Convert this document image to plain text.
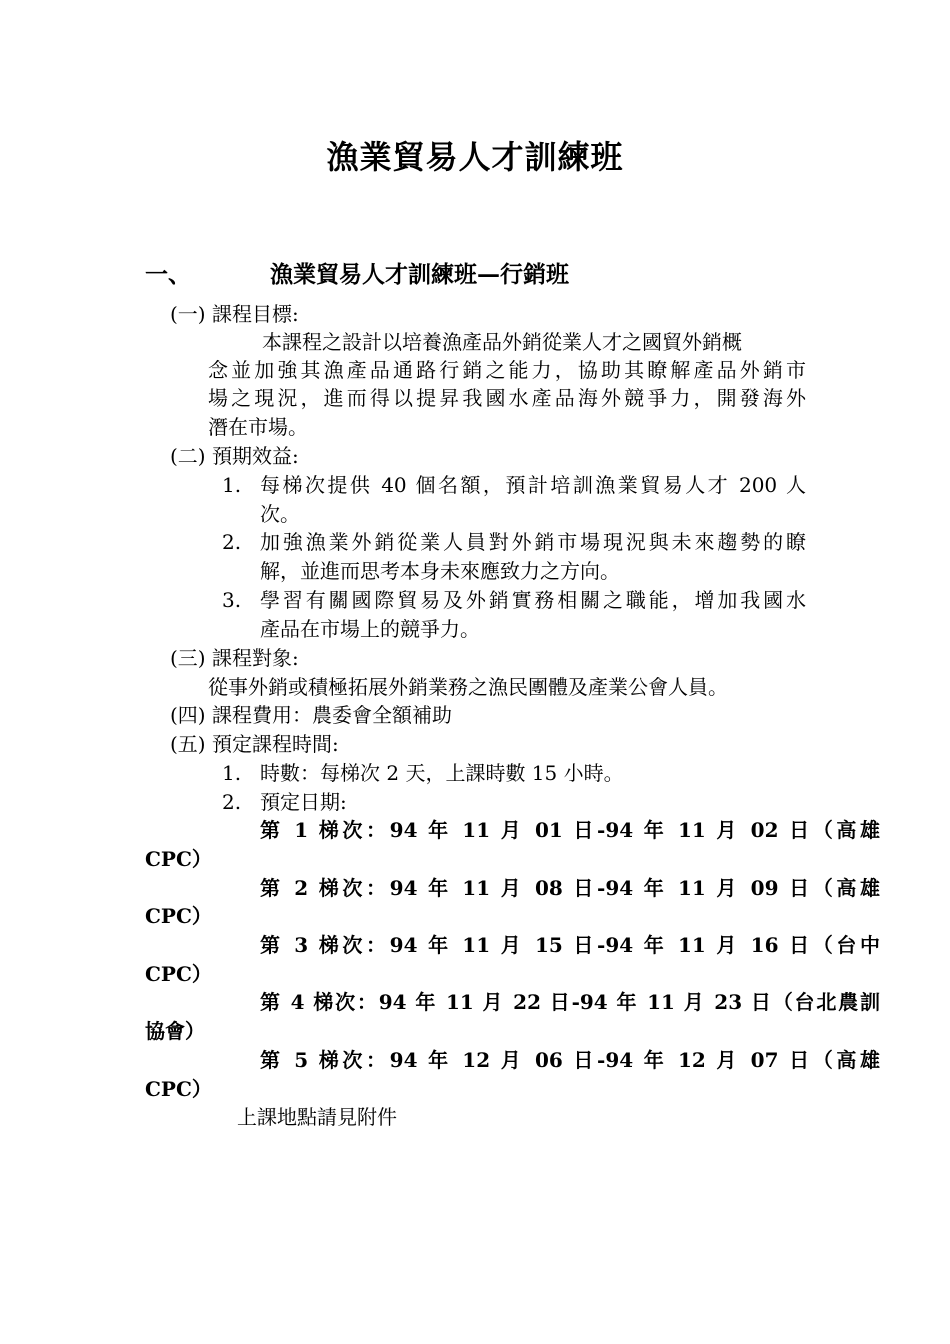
漁業貿易人才訓練班
一、	漁業貿易人才訓練班—行銷班
(一) 課程目標:
本課程之設計以培養漁產品外銷從業人才之國貿外銷概
念並加強其漁產品通路行銷之能力，協助其瞭解產品外銷市
場之現況，進而得以提昇我國水產品海外競爭力，開發海外
潛在市場。
(二) 預期效益:
1. 每梯次提供 40 個名額，預計培訓漁業貿易人才 200 人
次。
2. 加強漁業外銷從業人員對外銷市場現況與未來趨勢的瞭
解，並進而思考本身未來應致力之方向。
3. 學習有關國際貿易及外銷實務相關之職能，增加我國水
產品在市場上的競爭力。
(三) 課程對象:
從事外銷或積極拓展外銷業務之漁民團體及產業公會人員。
(四) 課程費用：農委會全額補助
(五) 預定課程時間:
1. 時數：每梯次 2 天，上課時數 15 小時。
2. 預定日期:
第 1 梯次：94 年 11 月 01 日-94 年 11 月 02 日（高雄
CPC）
第 2 梯次：94 年 11 月 08 日-94 年 11 月 09 日（高雄
CPC）
第 3 梯次：94 年 11 月 15 日-94 年 11 月 16 日（台中
CPC）
第 4 梯次：94 年 11 月 22 日-94 年 11 月 23 日（台北農訓
協會）
第 5 梯次：94 年 12 月 06 日-94 年 12 月 07 日（高雄
CPC）
上課地點請見附件
